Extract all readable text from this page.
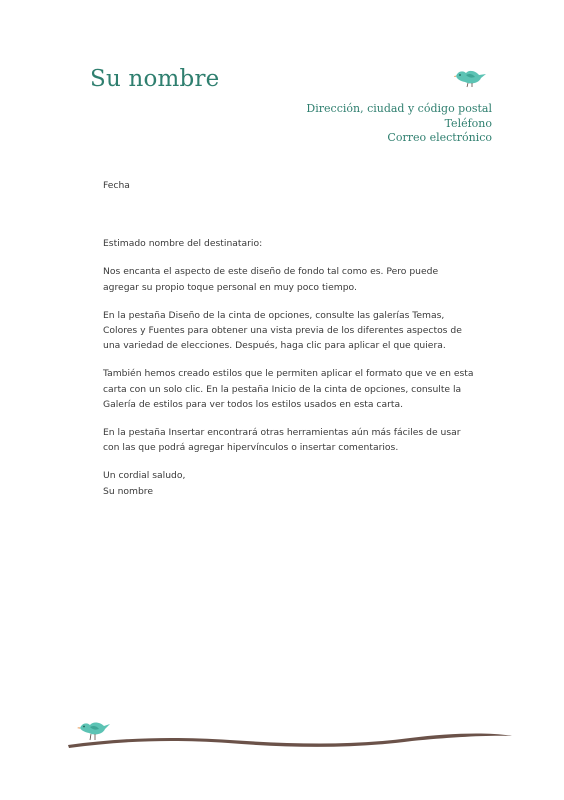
Su nombre
Dirección, ciudad y código postal
Teléfono
Correo electrónico

Fecha

Estimado nombre del destinatario:

Nos encanta el aspecto de este diseño de fondo tal como es. Pero puede agregar su propio toque personal en muy poco tiempo.

En la pestaña Diseño de la cinta de opciones, consulte las galerías Temas, Colores y Fuentes para obtener una vista previa de los diferentes aspectos de una variedad de elecciones. Después, haga clic para aplicar el que quiera.

También hemos creado estilos que le permiten aplicar el formato que ve en esta carta con un solo clic. En la pestaña Inicio de la cinta de opciones, consulte la Galería de estilos para ver todos los estilos usados en esta carta.

En la pestaña Insertar encontrará otras herramientas aún más fáciles de usar con las que podrá agregar hipervínculos o insertar comentarios.

Un cordial saludo,

Su nombre
